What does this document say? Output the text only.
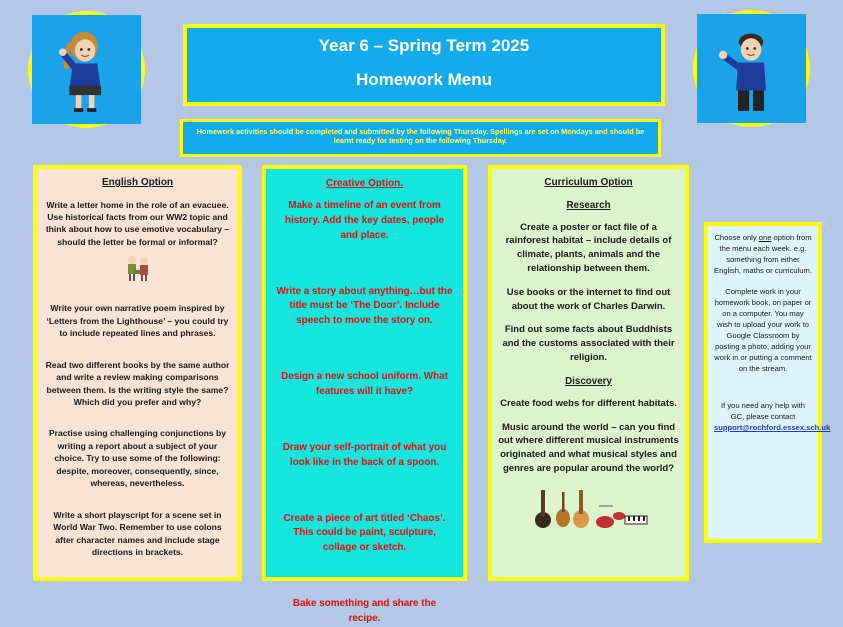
Year 6 – Spring Term 2025
Homework Menu
Homework activities should be completed and submitted by the following Thursday. Spellings are set on Mondays and should be learnt ready for testing on the following Thursday.
English Option

Write a letter home in the role of an evacuee. Use historical facts from our WW2 topic and think about how to use emotive vocabulary – should the letter be formal or informal?

Write your own narrative poem inspired by ‘Letters from the Lighthouse’ – you could try to include repeated lines and phrases.

Read two different books by the same author and write a review making comparisons between them. Is the writing style the same? Which did you prefer and why?

Practise using challenging conjunctions by writing a report about a subject of your choice. Try to use some of the following: despite, moreover, consequently, since, whereas, nevertheless.

Write a short playscript for a scene set in World War Two. Remember to use colons after character names and include stage directions in brackets.

Creative Option.

Make a timeline of an event from history. Add the key dates, people and place.

Write a story about anything…but the title must be ‘The Door’. Include speech to move the story on.

Design a new school uniform. What features will it have?

Draw your self-portrait of what you look like in the back of a spoon.

Create a piece of art titled ‘Chaos’. This could be paint, sculpture, collage or sketch.

Bake something and share the recipe.

Curriculum Option
Research

Create a poster or fact file of a rainforest habitat – include details of climate, plants, animals and the relationship between them.

Use books or the internet to find out about the work of Charles Darwin.

Find out some facts about Buddhists and the customs associated with their religion.

Discovery

Create food webs for different habitats.

Music around the world – can you find out where different musical instruments originated and what musical styles and genres are popular around the world?

Choose only one option from the menu each week. e.g. something from either English, maths or curriculum.

Complete work in your homework book, on paper or on a computer. You may wish to upload your work to Google Classroom by posting a photo, adding your work in or putting a comment on the stream.

If you need any help with GC, please contact
support@rochford.essex.sch.uk
